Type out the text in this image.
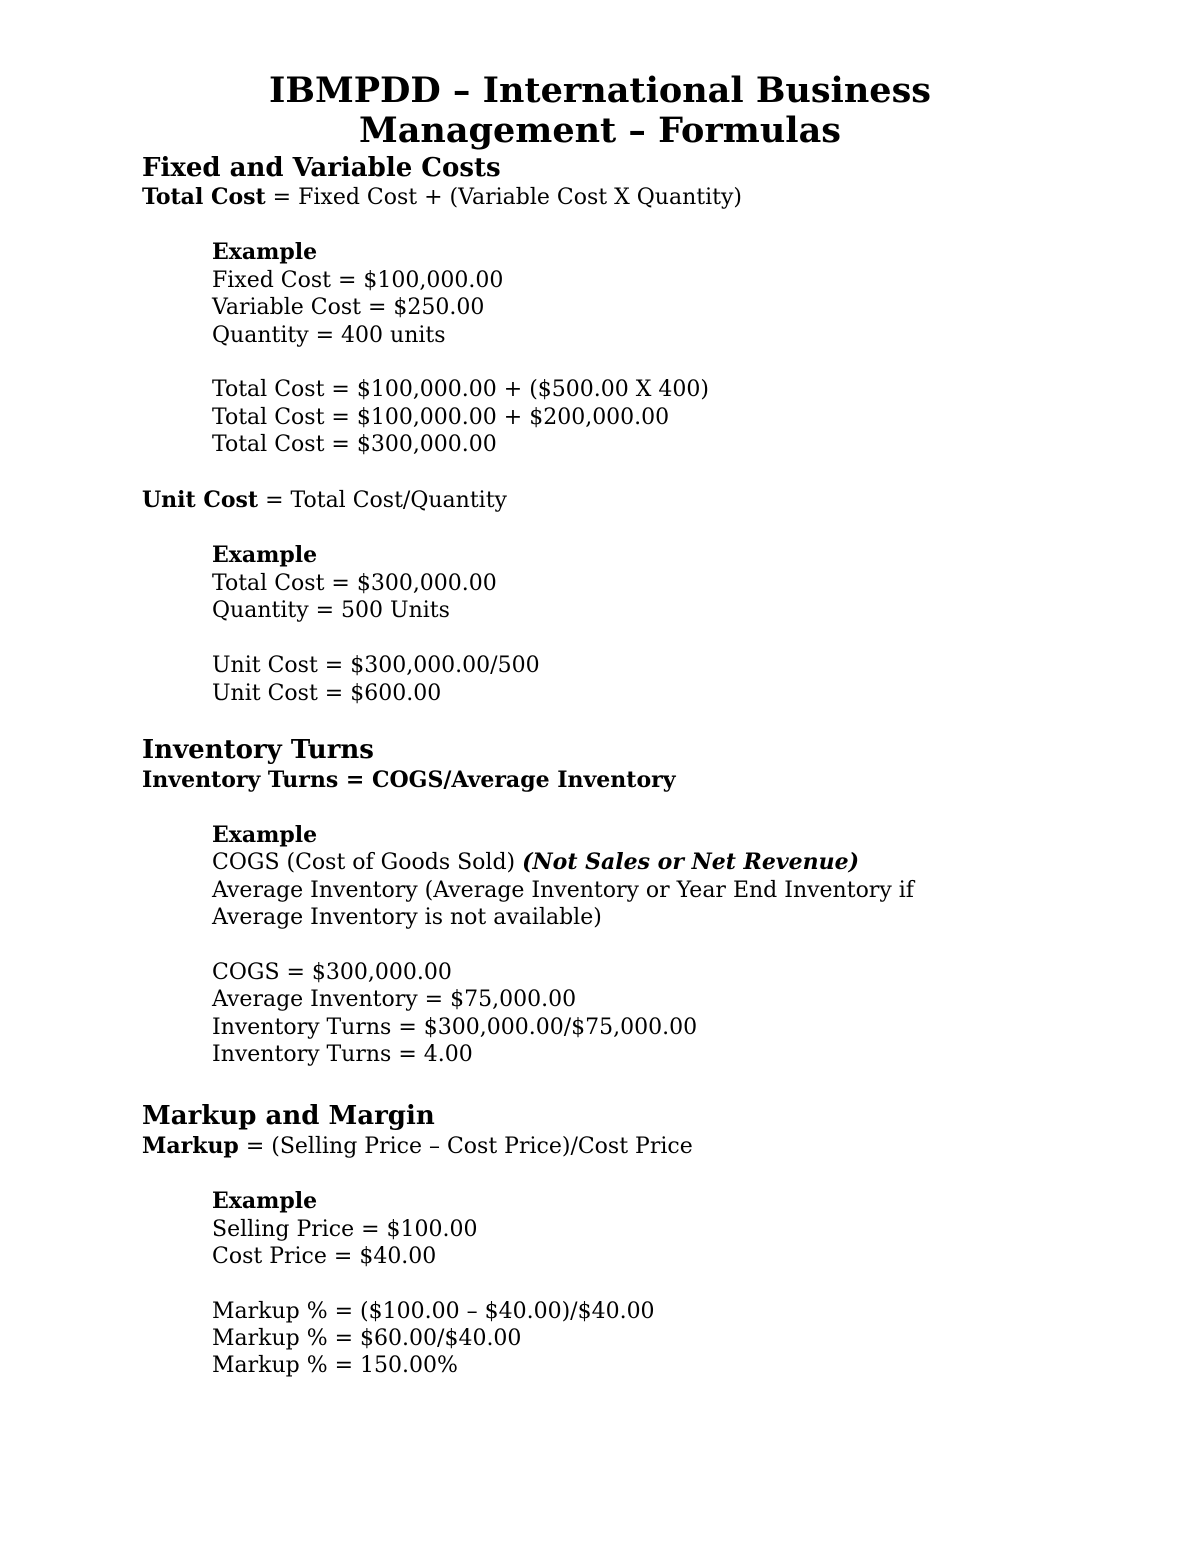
IBMPDD – International Business
Management – Formulas
Fixed and Variable Costs
Total Cost = Fixed Cost + (Variable Cost X Quantity)
Example
Fixed Cost = $100,000.00
Variable Cost = $250.00
Quantity = 400 units
Total Cost = $100,000.00 + ($500.00 X 400)
Total Cost = $100,000.00 + $200,000.00
Total Cost = $300,000.00
Unit Cost = Total Cost/Quantity
Example
Total Cost = $300,000.00
Quantity = 500 Units
Unit Cost = $300,000.00/500
Unit Cost = $600.00
Inventory Turns
Inventory Turns = COGS/Average Inventory
Example
COGS (Cost of Goods Sold) (Not Sales or Net Revenue)
Average Inventory (Average Inventory or Year End Inventory if
Average Inventory is not available)
COGS = $300,000.00
Average Inventory = $75,000.00
Inventory Turns = $300,000.00/$75,000.00
Inventory Turns = 4.00
Markup and Margin
Markup = (Selling Price – Cost Price)/Cost Price
Example
Selling Price = $100.00
Cost Price = $40.00
Markup % = ($100.00 – $40.00)/$40.00
Markup % = $60.00/$40.00
Markup % = 150.00%
